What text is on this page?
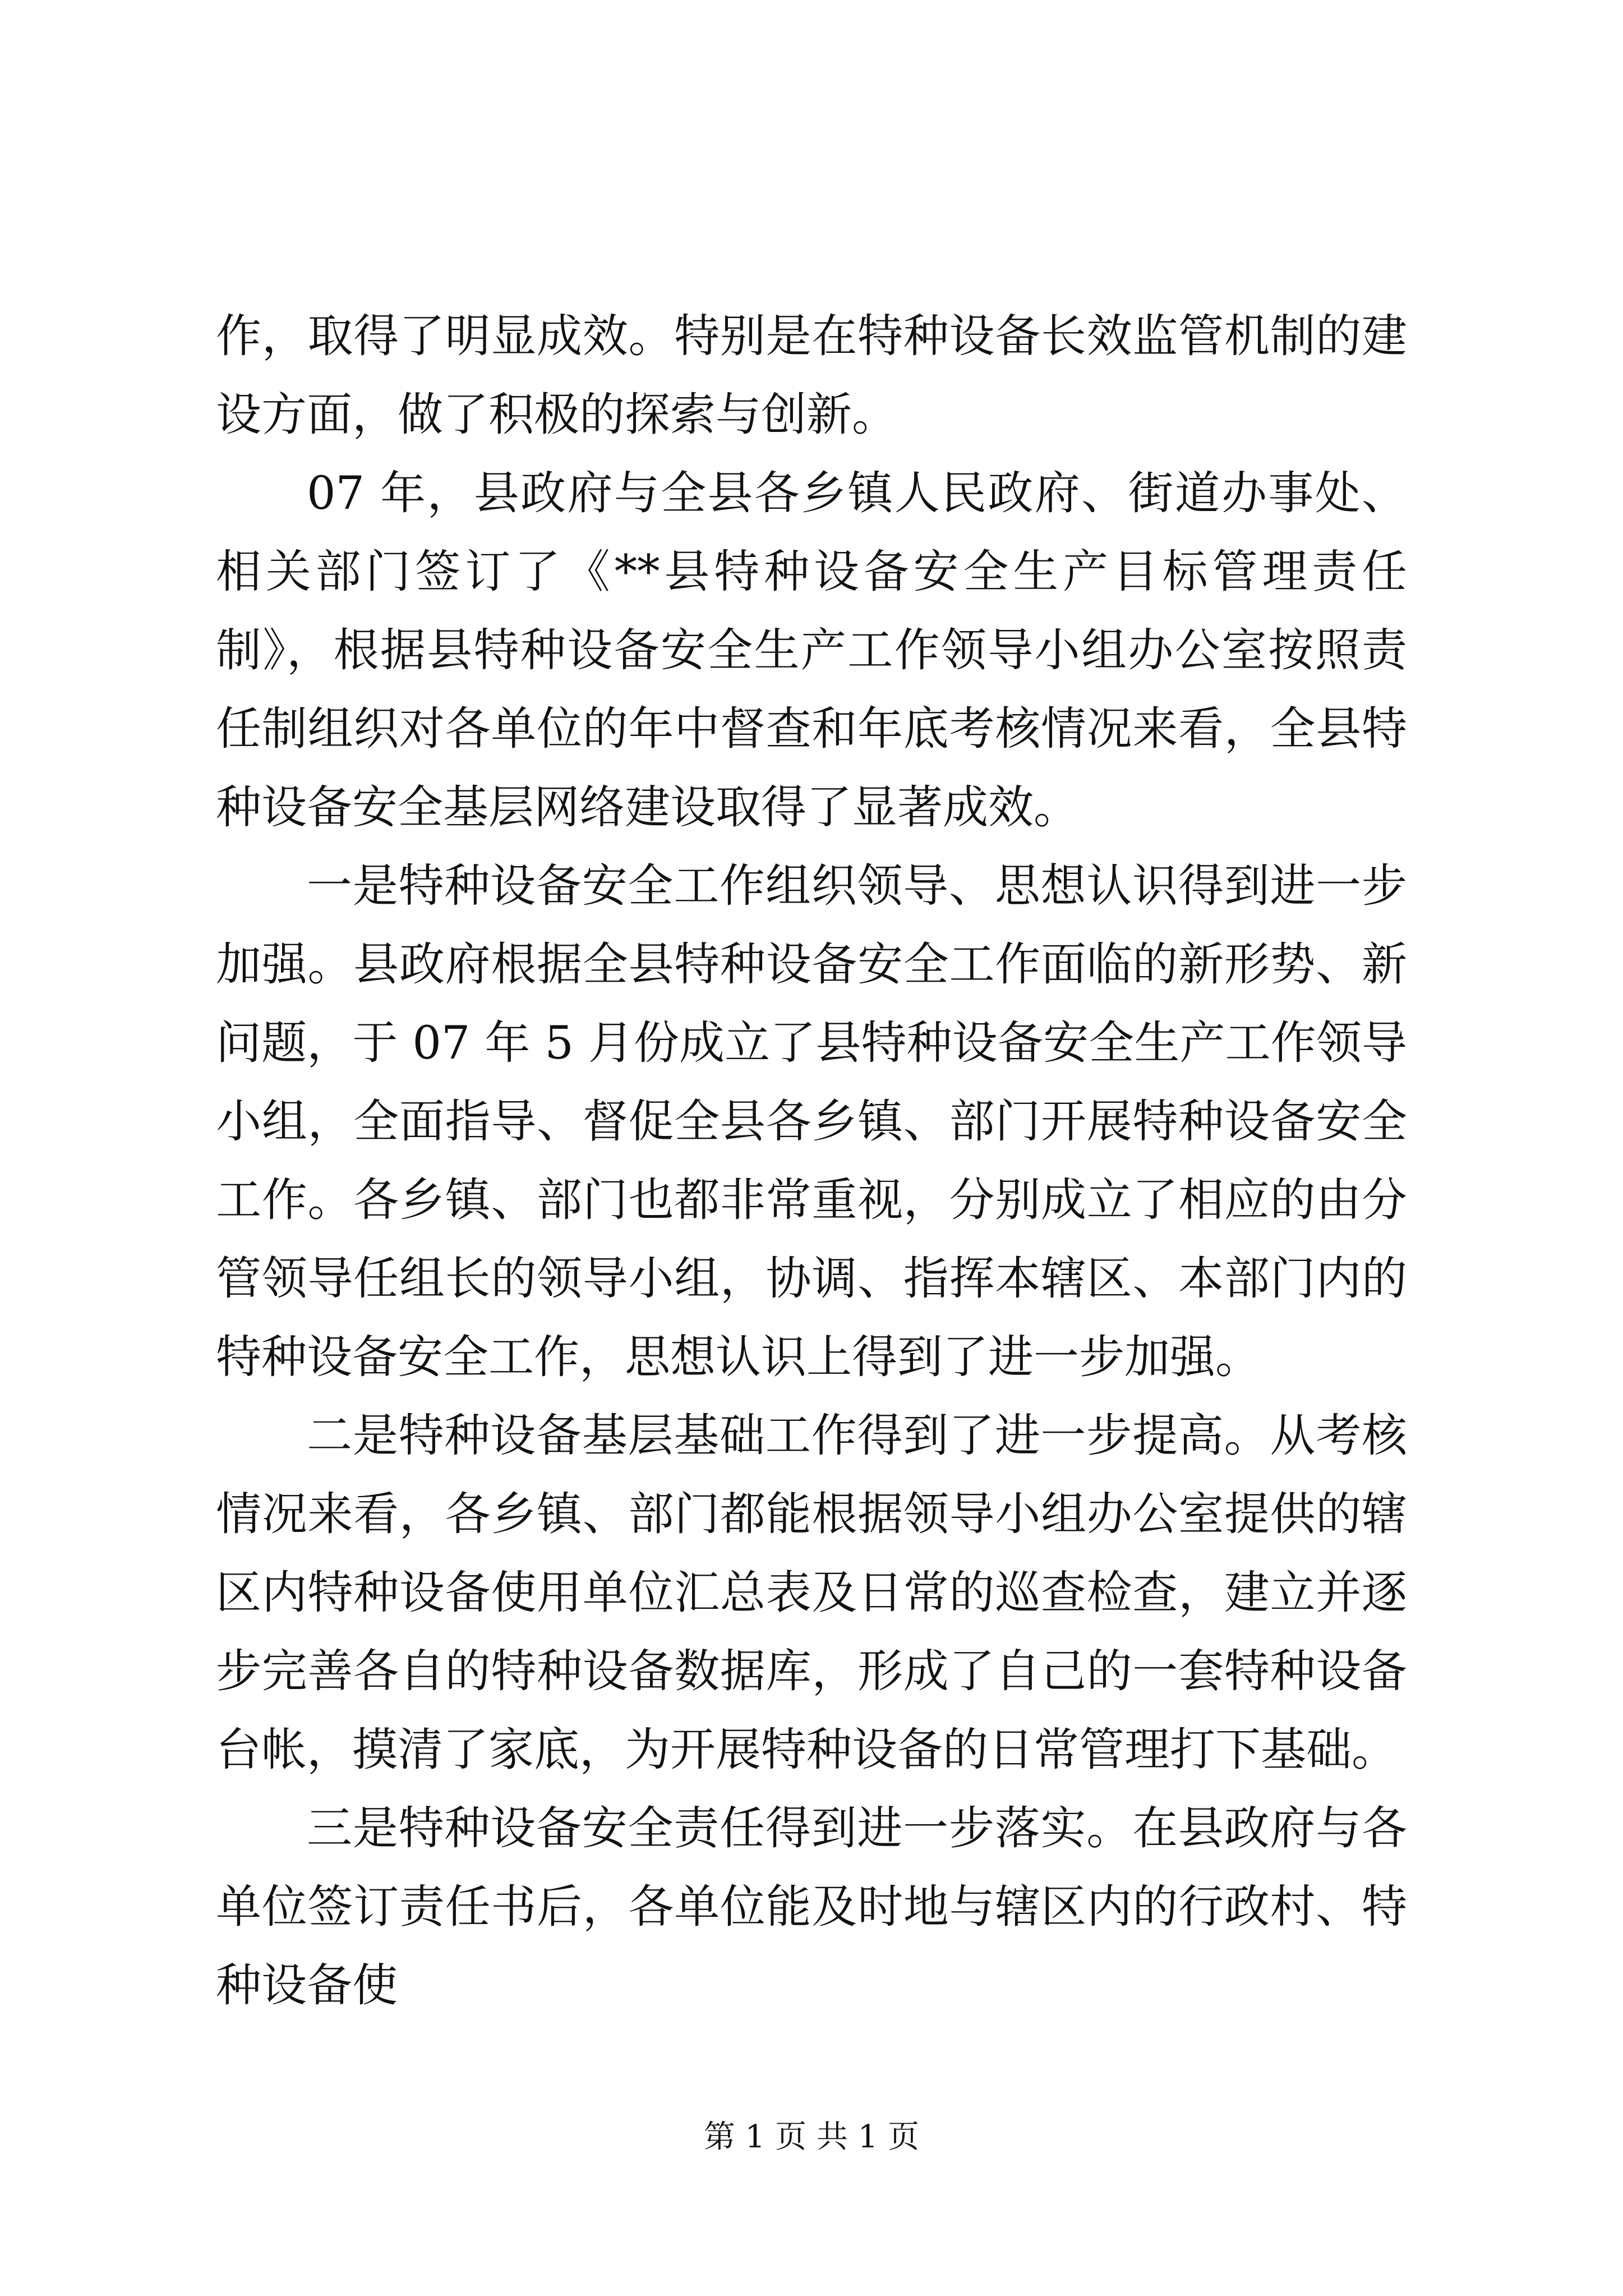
作，取得了明显成效。特别是在特种设备长效监管机制的建设方面，做了积极的探索与创新。

07 年，县政府与全县各乡镇人民政府、街道办事处、相关部门签订了《**县特种设备安全生产目标管理责任制》，根据县特种设备安全生产工作领导小组办公室按照责任制组织对各单位的年中督查和年底考核情况来看，全县特种设备安全基层网络建设取得了显著成效。

一是特种设备安全工作组织领导、思想认识得到进一步加强。县政府根据全县特种设备安全工作面临的新形势、新问题，于 07 年 5 月份成立了县特种设备安全生产工作领导小组，全面指导、督促全县各乡镇、部门开展特种设备安全工作。各乡镇、部门也都非常重视，分别成立了相应的由分管领导任组长的领导小组，协调、指挥本辖区、本部门内的特种设备安全工作，思想认识上得到了进一步加强。

二是特种设备基层基础工作得到了进一步提高。从考核情况来看，各乡镇、部门都能根据领导小组办公室提供的辖区内特种设备使用单位汇总表及日常的巡查检查，建立并逐步完善各自的特种设备数据库，形成了自己的一套特种设备台帐，摸清了家底，为开展特种设备的日常管理打下基础。

三是特种设备安全责任得到进一步落实。在县政府与各单位签订责任书后，各单位能及时地与辖区内的行政村、特种设备使

第 1 页 共 1 页
